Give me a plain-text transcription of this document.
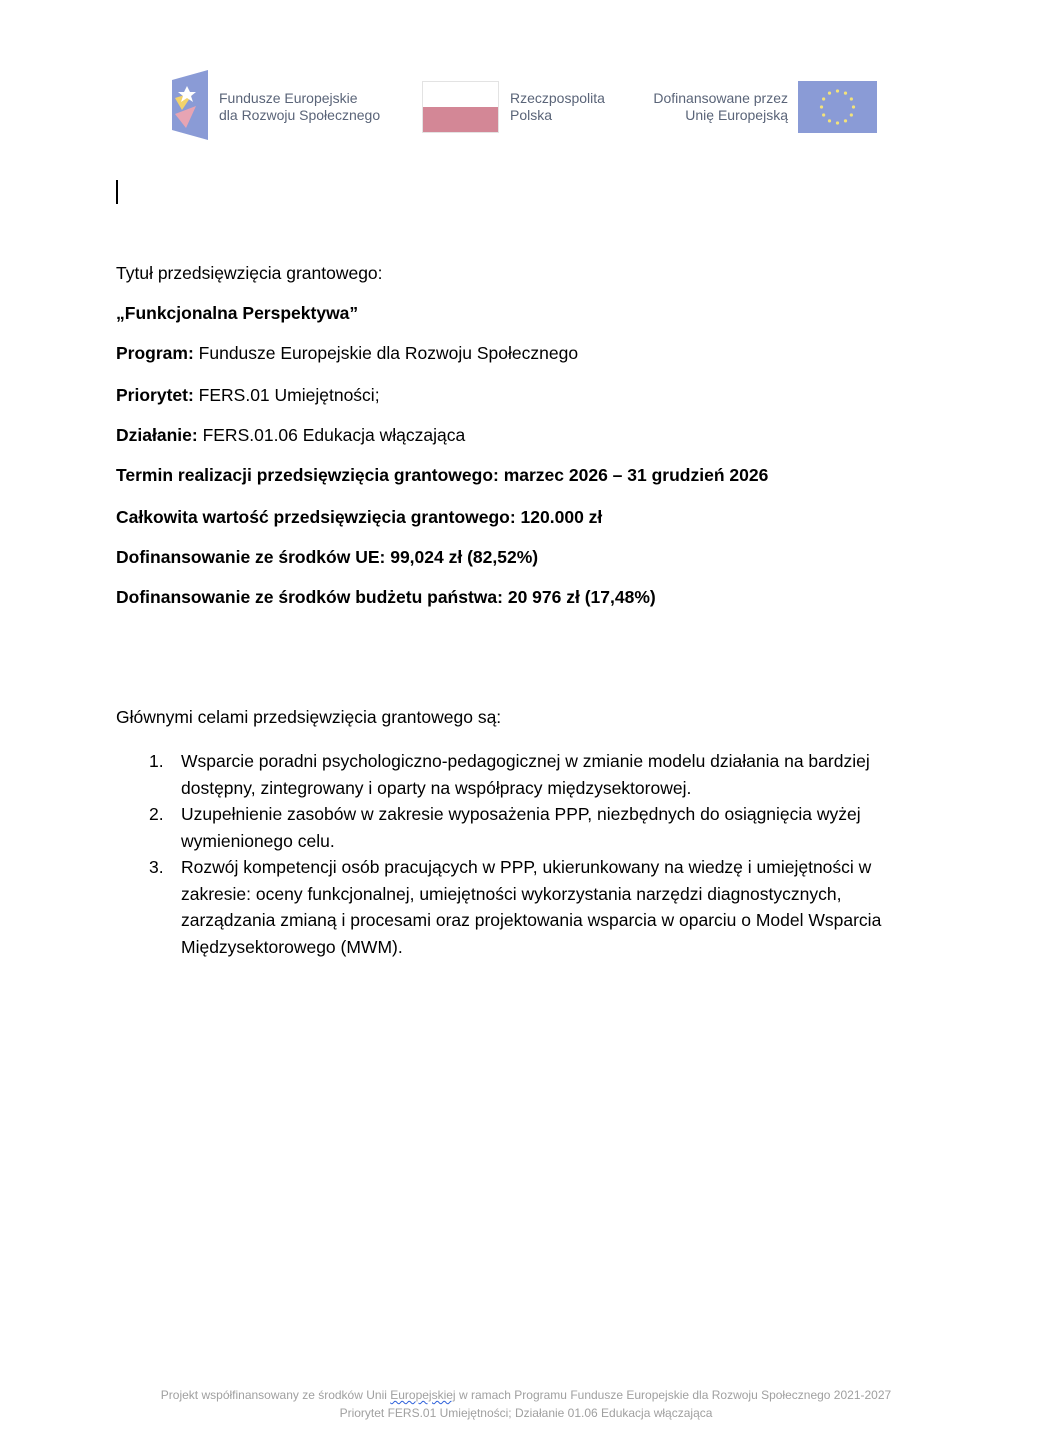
Fundusze Europejskie
dla Rozwoju Społecznego
Rzeczpospolita
Polska
Dofinansowane przez
Unię Europejską
Tytuł przedsięwzięcia grantowego:
„Funkcjonalna Perspektywa”
Program: Fundusze Europejskie dla Rozwoju Społecznego
Priorytet: FERS.01 Umiejętności;
Działanie: FERS.01.06 Edukacja włączająca
Termin realizacji przedsięwzięcia grantowego: marzec 2026 – 31 grudzień 2026
Całkowita wartość przedsięwzięcia grantowego: 120.000 zł
Dofinansowanie ze środków UE: 99,024 zł (82,52%)
Dofinansowanie ze środków budżetu państwa: 20 976 zł (17,48%)
Głównymi celami przedsięwzięcia grantowego są:
1. Wsparcie poradni psychologiczno-pedagogicznej w zmianie modelu działania na bardziej
dostępny, zintegrowany i oparty na współpracy międzysektorowej.
2. Uzupełnienie zasobów w zakresie wyposażenia PPP, niezbędnych do osiągnięcia wyżej
wymienionego celu.
3. Rozwój kompetencji osób pracujących w PPP, ukierunkowany na wiedzę i umiejętności w
zakresie: oceny funkcjonalnej, umiejętności wykorzystania narzędzi diagnostycznych,
zarządzania zmianą i procesami oraz projektowania wsparcia w oparciu o Model Wsparcia
Międzysektorowego (MWM).
Projekt współfinansowany ze środków Unii Europejskiej w ramach Programu Fundusze Europejskie dla Rozwoju Społecznego 2021-2027
Priorytet FERS.01 Umiejętności; Działanie 01.06 Edukacja włączająca
